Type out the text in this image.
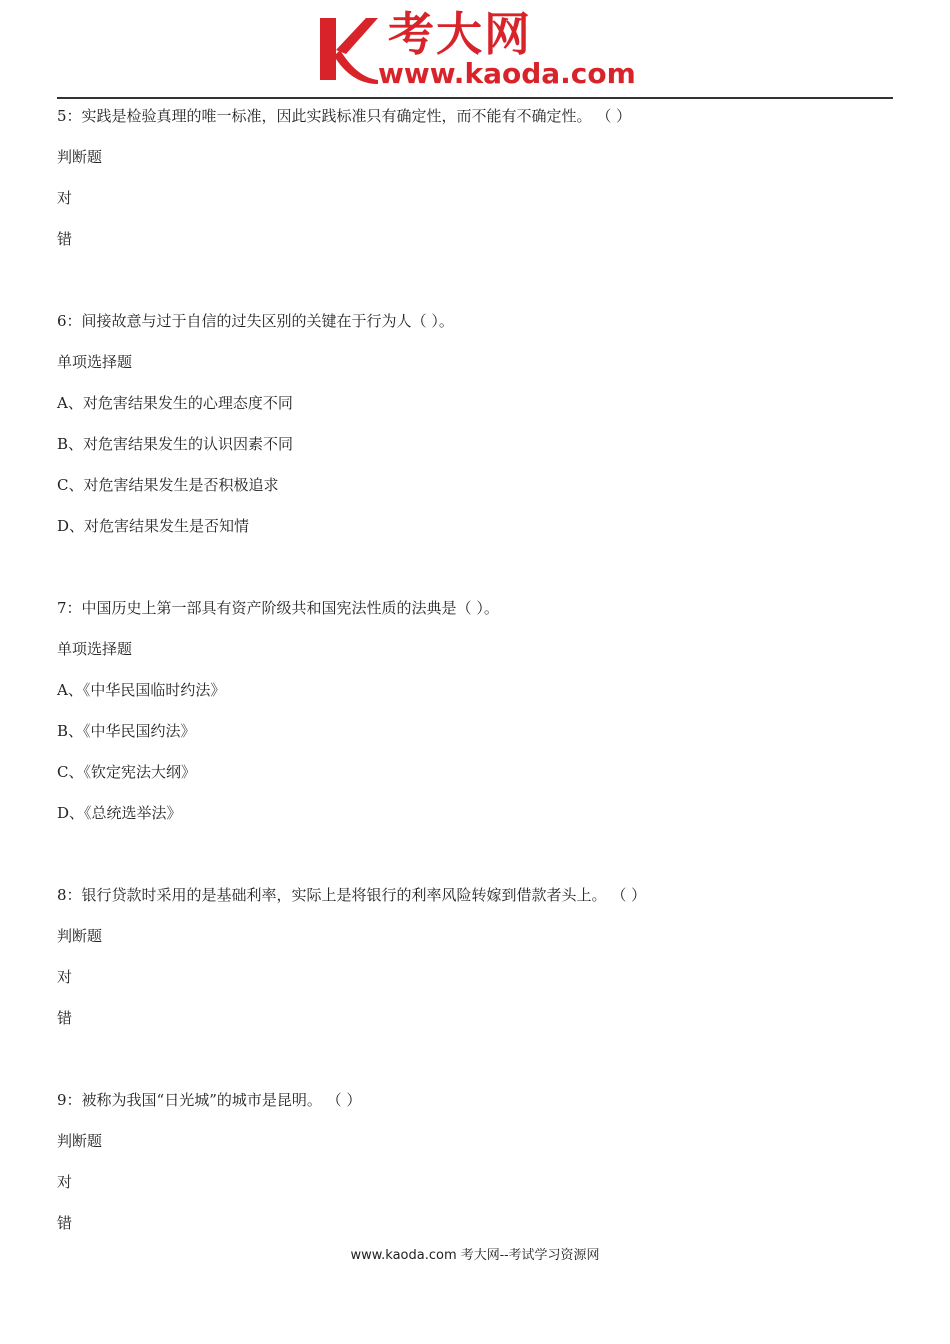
考大网
www.kaoda.com
5：实践是检验真理的唯一标准，因此实践标准只有确定性，而不能有不确定性。 （ ）
判断题
对
错
6：间接故意与过于自信的过失区别的关键在于行为人（ ）。
单项选择题
A、对危害结果发生的心理态度不同
B、对危害结果发生的认识因素不同
C、对危害结果发生是否积极追求
D、对危害结果发生是否知情
7：中国历史上第一部具有资产阶级共和国宪法性质的法典是（ ）。
单项选择题
A、《中华民国临时约法》
B、《中华民国约法》
C、《钦定宪法大纲》
D、《总统选举法》
8：银行贷款时采用的是基础利率，实际上是将银行的利率风险转嫁到借款者头上。 （ ）
判断题
对
错
9：被称为我国“日光城”的城市是昆明。 （ ）
判断题
对
错
www.kaoda.com 考大网--考试学习资源网
